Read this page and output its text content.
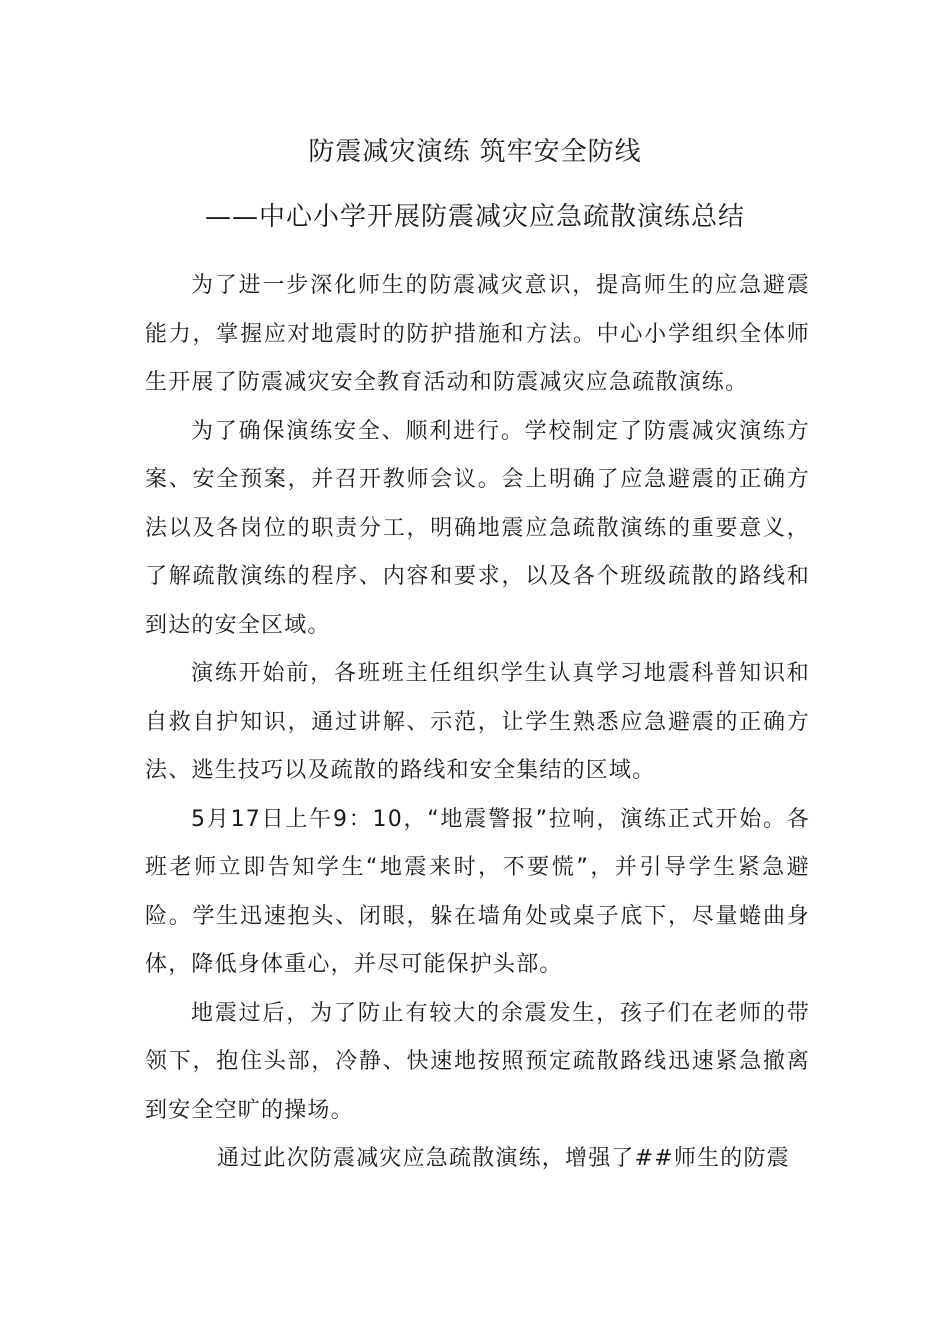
防震减灾演练 筑牢安全防线
——中心小学开展防震减灾应急疏散演练总结

为了进一步深化师生的防震减灾意识，提高师生的应急避震能力，掌握应对地震时的防护措施和方法。中心小学组织全体师生开展了防震减灾安全教育活动和防震减灾应急疏散演练。

为了确保演练安全、顺利进行。学校制定了防震减灾演练方案、安全预案，并召开教师会议。会上明确了应急避震的正确方法以及各岗位的职责分工，明确地震应急疏散演练的重要意义，了解疏散演练的程序、内容和要求，以及各个班级疏散的路线和到达的安全区域。

演练开始前，各班班主任组织学生认真学习地震科普知识和自救自护知识，通过讲解、示范，让学生熟悉应急避震的正确方法、逃生技巧以及疏散的路线和安全集结的区域。

5月17日上午9：10，“地震警报”拉响，演练正式开始。各班老师立即告知学生“地震来时，不要慌”，并引导学生紧急避险。学生迅速抱头、闭眼，躲在墙角处或桌子底下，尽量蜷曲身体，降低身体重心，并尽可能保护头部。

地震过后，为了防止有较大的余震发生，孩子们在老师的带领下，抱住头部，冷静、快速地按照预定疏散路线迅速紧急撤离到安全空旷的操场。

通过此次防震减灾应急疏散演练，增强了##师生的防震
